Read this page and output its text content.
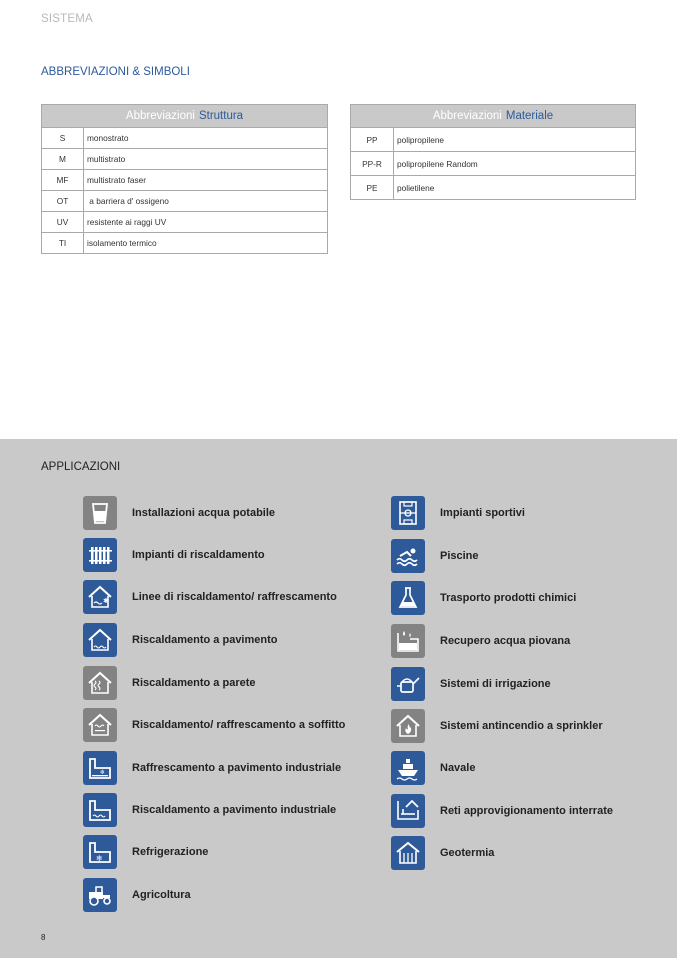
SISTEMA
ABBREVIAZIONI & SIMBOLI
Abbreviazioni Struttura	
S	monostrato
M	multistrato
MF	multistrato faser
OT	a barriera d' ossigeno
UV	resistente ai raggi UV
TI	isolamento termico
Abbreviazioni Materiale	
PP	polipropilene
PP-R	polipropilene Random
PE	polietilene
APPLICAZIONI
Installazioni acqua potabile
Impianti di riscaldamento
✱ Linee di riscaldamento/ raffrescamento
Riscaldamento a pavimento
Riscaldamento a parete
Riscaldamento/ raffrescamento a soffitto
❄ Raffrescamento a pavimento industriale
Riscaldamento a pavimento industriale
❄
Refrigerazione
Agricoltura
Impianti sportivi
Piscine
Trasporto prodotti chimici
Recupero acqua piovana
Sistemi di irrigazione
Sistemi antincendio a sprinkler
Navale
Reti approvigionamento interrate
Geotermia
8
